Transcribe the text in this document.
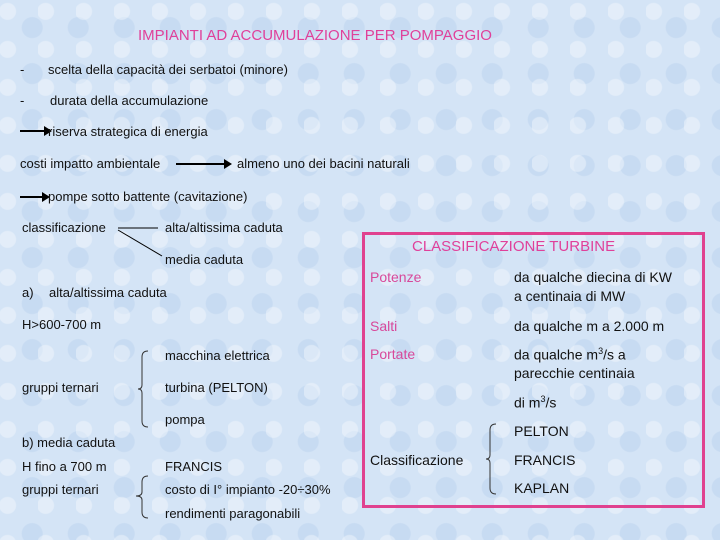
IMPIANTI AD ACCUMULAZIONE PER POMPAGGIO
- scelta della capacità dei serbatoi (minore)
- durata della accumulazione
riserva strategica di energia
costi impatto ambientale	almeno uno dei bacini naturali
pompe sotto battente (cavitazione)
classificazione	alta/altissima caduta
media caduta
a) alta/altissima caduta
H>600-700 m
macchina elettrica
gruppi ternari	turbina (PELTON)
pompa
b) media caduta
H fino a 700 m	FRANCIS
gruppi ternari	costo di I° impianto -20÷30%
rendimenti paragonabili
CLASSIFICAZIONE TURBINE
Potenze	da qualche diecina di KW
a centinaia di MW
Salti	da qualche m a 2.000 m
Portate	da qualche $m^3/s$ a
parecchie centinaia
di $m^3/s$
PELTON
Classificazione	FRANCIS
KAPLAN
